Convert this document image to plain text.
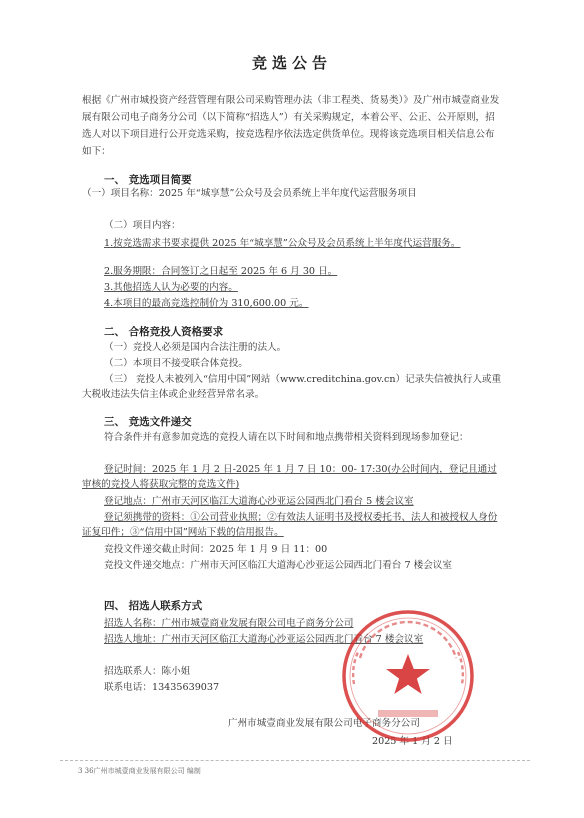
竞选公告
根据《广州市城投资产经营管理有限公司采购管理办法（非工程类、货易类）》及广州市城壹商业发展有限公司电子商务分公司（以下简称“招选人”）有关采购规定，本着公平、公正、公开原则，招选人对以下项目进行公开竞选采购，按竞选程序依法选定供货单位。现将该竞选项目相关信息公布如下：
一、 竞选项目简要
（一）项目名称：2025 年“城享慧”公众号及会员系统上半年度代运营服务项目
（二）项目内容：
1.按竞选需求书要求提供 2025 年“城享慧”公众号及会员系统上半年度代运营服务。
2.服务期限：合同签订之日起至 2025 年 6 月 30 日。
3.其他招选人认为必要的内容。
4.本项目的最高竞选控制价为 310,600.00 元。
二、 合格竞投人资格要求
（一）竞投人必须是国内合法注册的法人。
（二）本项目不接受联合体竞投。
（三） 竞投人未被列入“信用中国”网站（www.creditchina.gov.cn）记录失信被执行人或重大税收违法失信主体或企业经营异常名录。
三、 竞选文件递交
符合条件并有意参加竞选的竞投人请在以下时间和地点携带相关资料到现场参加登记：
登记时间：2025 年 1 月 2 日-2025 年 1 月 7 日 10：00- 17:30(办公时间内，登记且通过审核的竞投人将获取完整的竞选文件)
登记地点：广州市天河区临江大道海心沙亚运公园西北门看台 5 楼会议室
登记须携带的资料：①公司营业执照；②有效法人证明书及授权委托书、法人和被授权人身份证复印件；③“信用中国”网站下载的信用报告。
竞投文件递交截止时间：2025 年 1 月 9 日 11：00
竞投文件递交地点：广州市天河区临江大道海心沙亚运公园西北门看台 7 楼会议室
四、 招选人联系方式
招选人名称：广州市城壹商业发展有限公司电子商务分公司
招选人地址：广州市天河区临江大道海心沙亚运公园西北门看台 7 楼会议室
招选联系人：陈小姐
联系电话：13435639037
广州市城壹商业发展有限公司电子商务分公司
2025 年 1 月 2 日
3 36广州市城壹商业发展有限公司 编制
